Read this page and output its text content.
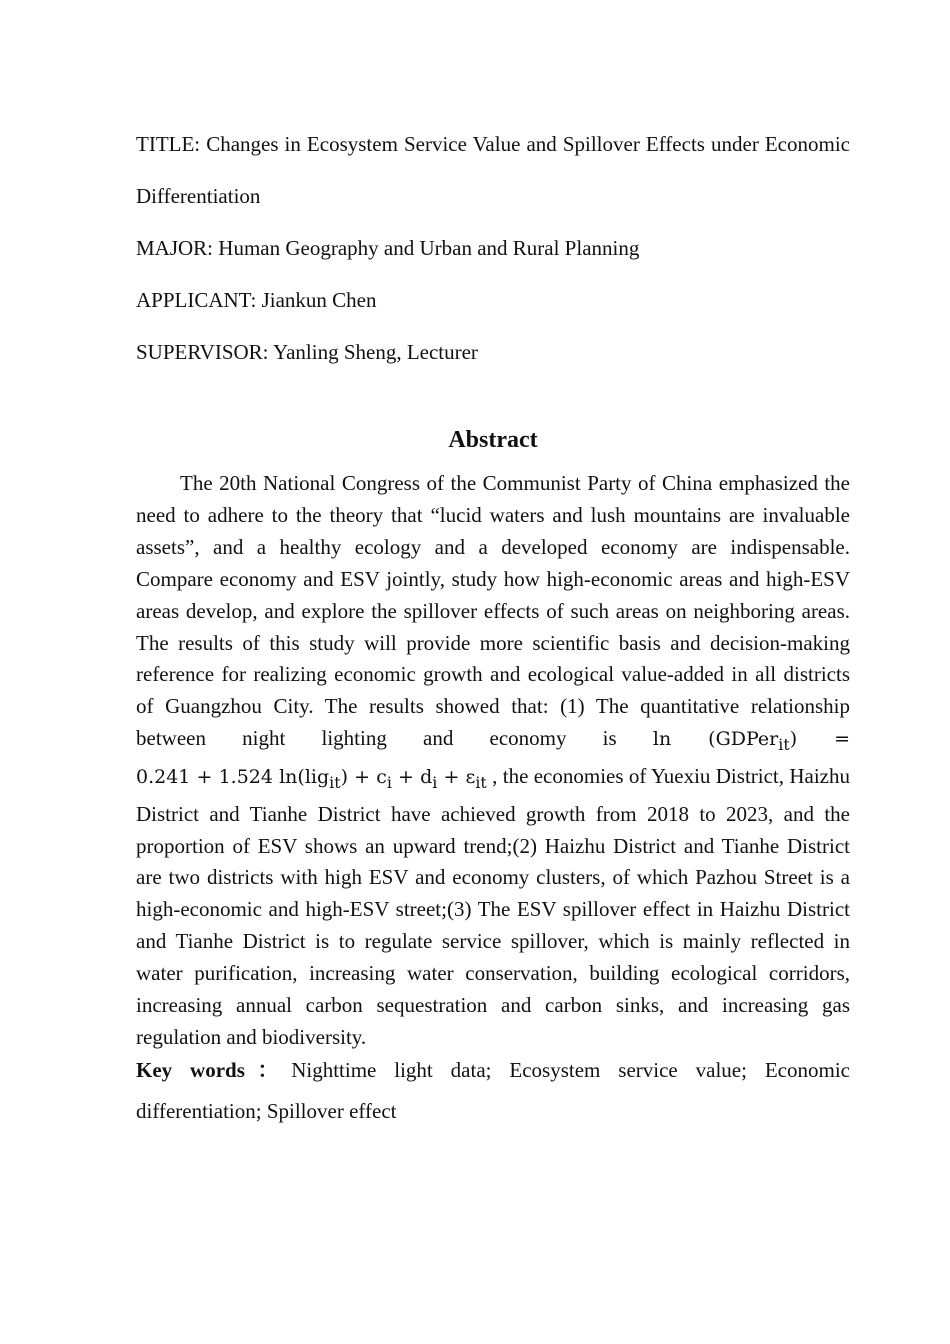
TITLE: Changes in Ecosystem Service Value and Spillover Effects under Economic Differentiation

MAJOR: Human Geography and Urban and Rural Planning

APPLICANT: Jiankun Chen

SUPERVISOR: Yanling Sheng, Lecturer

Abstract

The 20th National Congress of the Communist Party of China emphasized the need to adhere to the theory that “lucid waters and lush mountains are invaluable assets”, and a healthy ecology and a developed economy are indispensable. Compare economy and ESV jointly, study how high-economic areas and high-ESV areas develop, and explore the spillover effects of such areas on neighboring areas. The results of this study will provide more scientific basis and decision-making reference for realizing economic growth and ecological value-added in all districts of Guangzhou City. The results showed that: (1) The quantitative relationship between night lighting and economy is ln (GDPer$_{it}$) = 0.241 + 1.524 $\ln(lig_{it}) + c_i + d_i + \varepsilon_{it}$ , the economies of Yuexiu District, Haizhu District and Tianhe District have achieved growth from 2018 to 2023, and the proportion of ESV shows an upward trend;(2) Haizhu District and Tianhe District are two districts with high ESV and economy clusters, of which Pazhou Street is a high-economic and high-ESV street;(3) The ESV spillover effect in Haizhu District and Tianhe District is to regulate service spillover, which is mainly reflected in water purification, increasing water conservation, building ecological corridors, increasing annual carbon sequestration and carbon sinks, and increasing gas regulation and biodiversity.

Key words：Nighttime light data; Ecosystem service value; Economic differentiation; Spillover effect
